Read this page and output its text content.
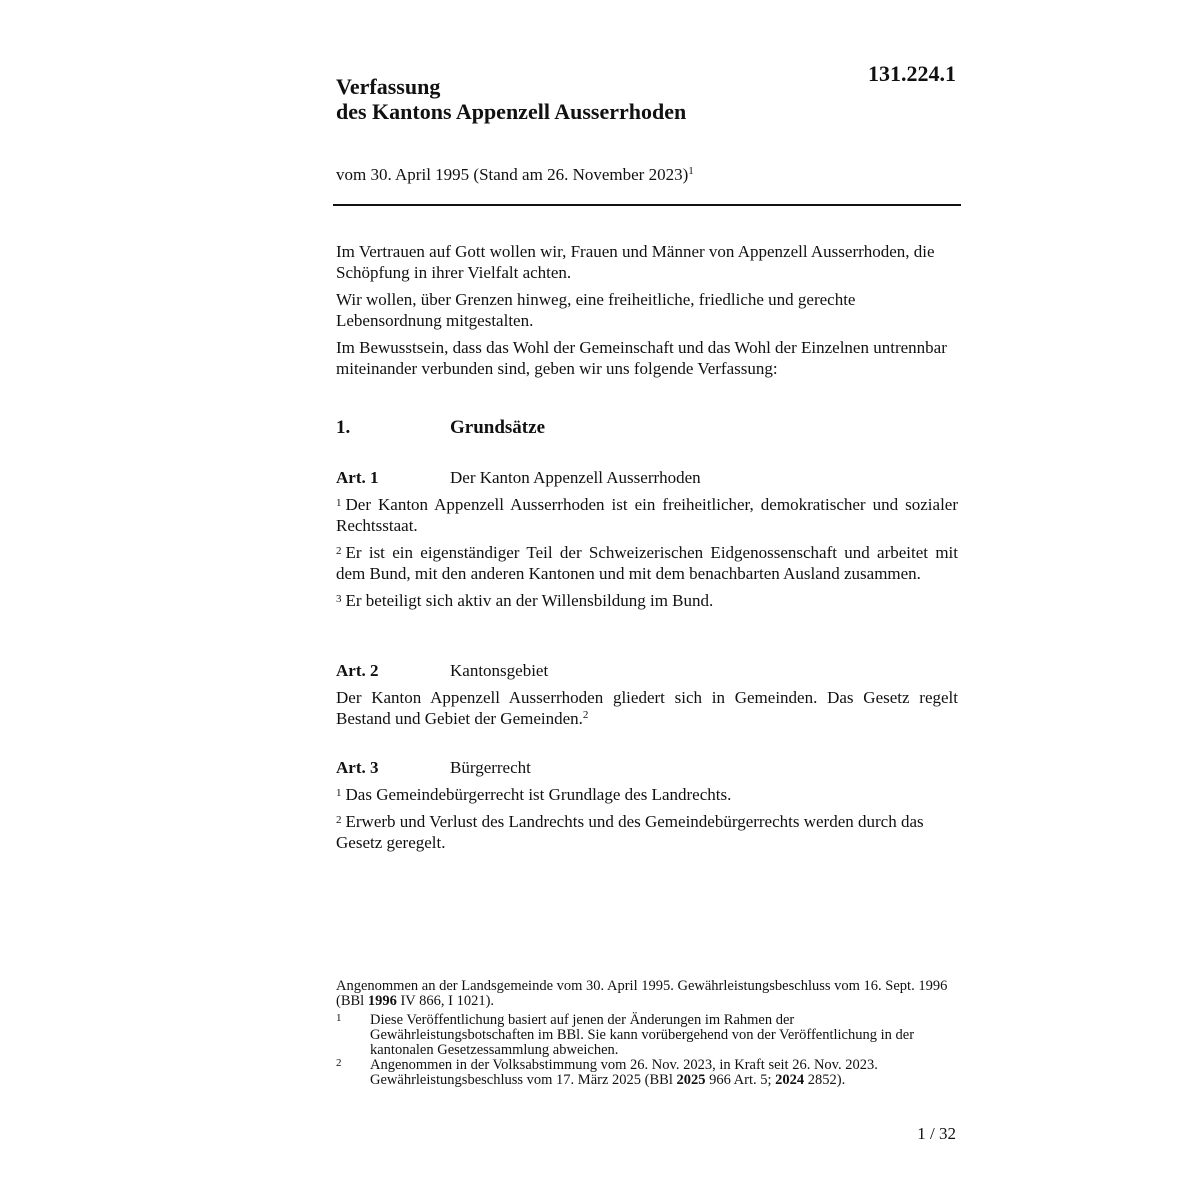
131.224.1
Verfassung
des Kantons Appenzell Ausserrhoden
vom 30. April 1995 (Stand am 26. November 2023)$^1$

Im Vertrauen auf Gott wollen wir, Frauen und Männer von Appenzell Ausserrhoden, die Schöpfung in ihrer Vielfalt achten.

Wir wollen, über Grenzen hinweg, eine freiheitliche, friedliche und gerechte Lebensordnung mitgestalten.

Im Bewusstsein, dass das Wohl der Gemeinschaft und das Wohl der Einzelnen untrennbar miteinander verbunden sind, geben wir uns folgende Verfassung:

1.	Grundsätze
Art. 1	Der Kanton Appenzell Ausserrhoden

$^1$ Der Kanton Appenzell Ausserrhoden ist ein freiheitlicher, demokratischer und sozialer Rechtsstaat.

$^2$ Er ist ein eigenständiger Teil der Schweizerischen Eidgenossenschaft und arbeitet mit dem Bund, mit den anderen Kantonen und mit dem benachbarten Ausland zusammen.

$^3$ Er beteiligt sich aktiv an der Willensbildung im Bund.

Art. 2	Kantonsgebiet

Der Kanton Appenzell Ausserrhoden gliedert sich in Gemeinden. Das Gesetz regelt Bestand und Gebiet der Gemeinden.$^2$

Art. 3	Bürgerrecht

$^1$ Das Gemeindebürgerrecht ist Grundlage des Landrechts.

$^2$ Erwerb und Verlust des Landrechts und des Gemeindebürgerrechts werden durch das Gesetz geregelt.

Angenommen an der Landsgemeinde vom 30. April 1995. Gewährleistungsbeschluss vom 16. Sept. 1996 (BBl 1996 IV 866, I 1021).

1 Diese Veröffentlichung basiert auf jenen der Änderungen im Rahmen der Gewährleistungsbotschaften im BBl. Sie kann vorübergehend von der Veröffentlichung in der kantonalen Gesetzessammlung abweichen.

2 Angenommen in der Volksabstimmung vom 26. Nov. 2023, in Kraft seit 26. Nov. 2023. Gewährleistungsbeschluss vom 17. März 2025 (BBl 2025 966 Art. 5; 2024 2852).

1 / 32
